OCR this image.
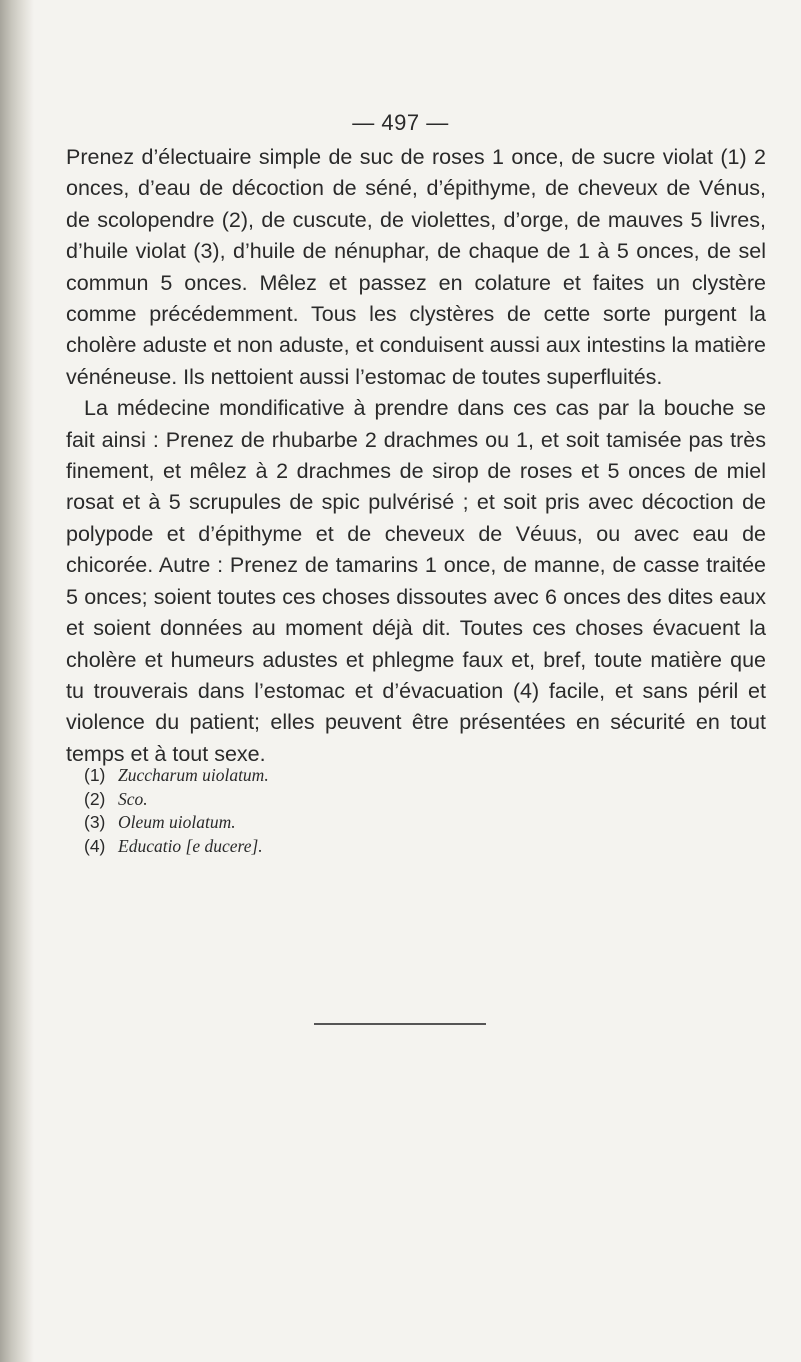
— 497 —

Prenez d’électuaire simple de suc de roses 1 once, de sucre violat (1) 2 onces, d’eau de décoction de séné, d’épithyme, de cheveux de Vénus, de scolopendre (2), de cuscute, de violettes, d’orge, de mauves 5 livres, d’huile violat (3), d’huile de nénuphar, de chaque de 1 à 5 onces, de sel commun 5 onces. Mêlez et passez en colature et faites un clystère comme précédemment. Tous les clystères de cette sorte purgent la cholère aduste et non aduste, et conduisent aussi aux intestins la matière vénéneuse. Ils nettoient aussi l’estomac de toutes superfluités.

La médecine mondificative à prendre dans ces cas par la bouche se fait ainsi : Prenez de rhubarbe 2 drachmes ou 1, et soit tamisée pas très finement, et mêlez à 2 drachmes de sirop de roses et 5 onces de miel rosat et à 5 scrupules de spic pulvérisé ; et soit pris avec décoction de polypode et d’épithyme et de cheveux de Véuus, ou avec eau de chicorée. Autre : Prenez de tamarins 1 once, de manne, de casse traitée 5 onces; soient toutes ces choses dissoutes avec 6 onces des dites eaux et soient données au moment déjà dit. Toutes ces choses évacuent la cholère et humeurs adustes et phlegme faux et, bref, toute matière que tu trouverais dans l’estomac et d’évacuation (4) facile, et sans péril et violence du patient; elles peuvent être présentées en sécurité en tout temps et à tout sexe.

(1) Zuccharum uiolatum.
(2) Sco.
(3) Oleum uiolatum.
(4) Educatio [e ducere].
